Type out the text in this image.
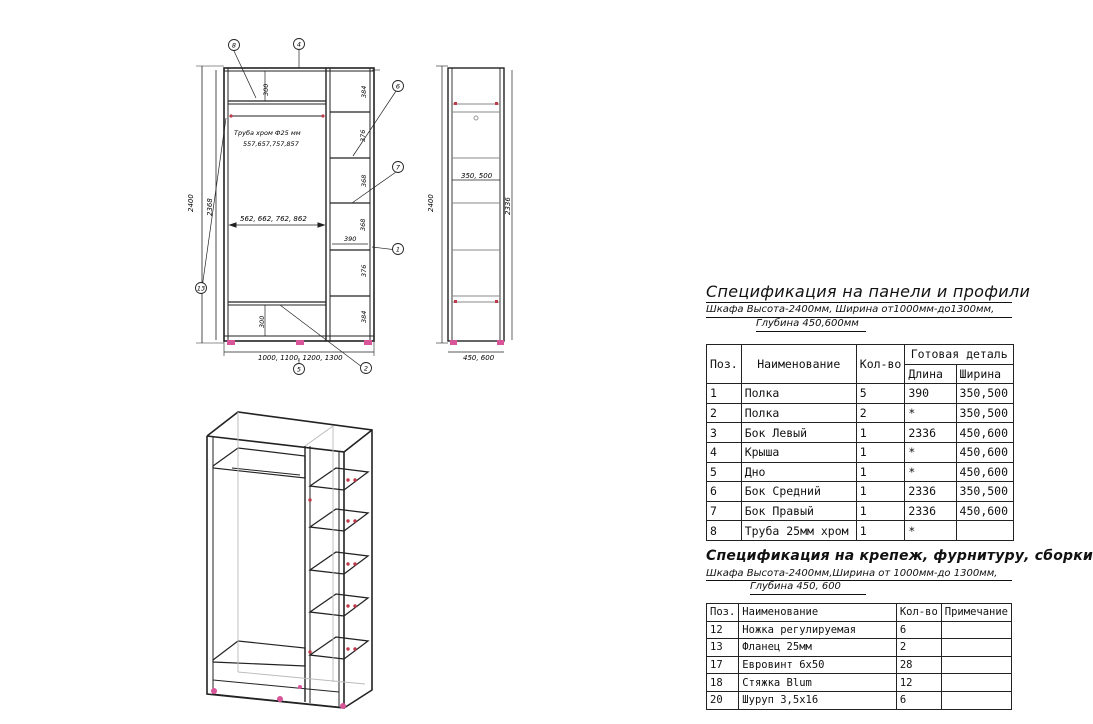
2400 2368
300
300
Труба хром Ф25 мм
557,657,757,857
562, 662, 762, 862
390
1000, 1100, 1200, 1300
384
376
368
368
376
384
8	4
6
7
1
13
5	2
2400	2336
350, 500
450, 600
Спецификация на панели и профили
Шкафа Высота-2400мм, Ширина от1000мм-до1300мм,
Глубина 450,600мм
Поз.	Наименование	Кол-во	Готовая деталь	
			Длина	Ширина
1	Полка	5	390	350,500
2	Полка	2	*	350,500
3	Бок Левый	1	2336	450,600
4	Крыша	1	*	450,600
5	Дно	1	*	450,600
6	Бок Средний	1	2336	350,500
7	Бок Правый	1	2336	450,600
8	Труба 25мм хром	1	*	
Спецификация на крепеж, фурнитуру, сборки
Шкафа Высота-2400мм,Ширина от 1000мм-до 1300мм,
Глубина 450, 600
Поз.	Наименование	Кол-во	Примечание
12	Ножка регулируемая	6	
13	Фланец 25мм	2	
17	Евровинт 6x50	28	
18	Стяжка Blum	12	
20	Шуруп 3,5x16	6	
